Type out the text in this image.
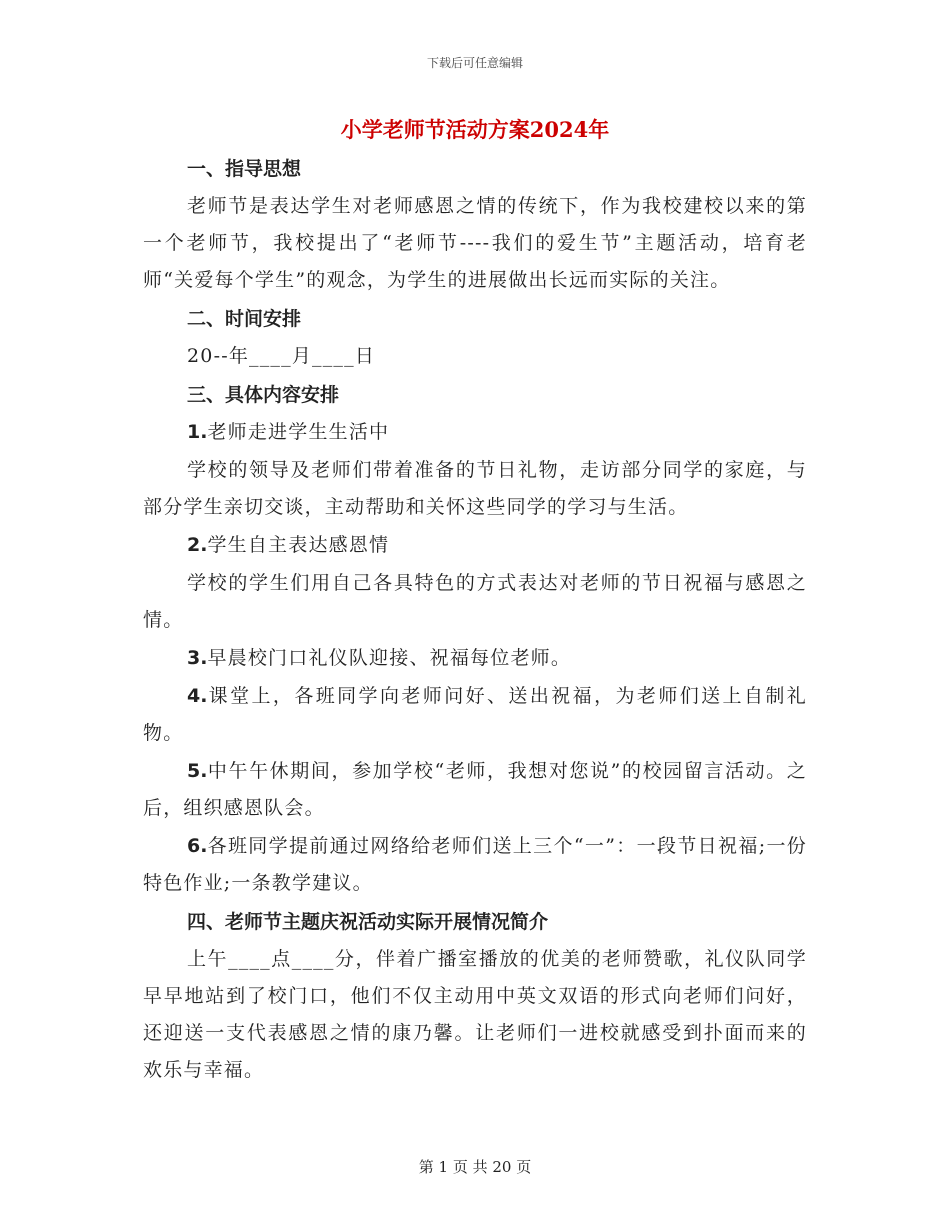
下载后可任意编辑
小学老师节活动方案2024年
一、指导思想

老师节是表达学生对老师感恩之情的传统下，作为我校建校以来的第一个老师节，我校提出了“老师节----我们的爱生节”主题活动，培育老师“关爱每个学生”的观念，为学生的进展做出长远而实际的关注。

二、时间安排

20--年____月____日

三、具体内容安排

1.老师走进学生生活中

学校的领导及老师们带着准备的节日礼物，走访部分同学的家庭，与部分学生亲切交谈，主动帮助和关怀这些同学的学习与生活。

2.学生自主表达感恩情

学校的学生们用自己各具特色的方式表达对老师的节日祝福与感恩之情。

3.早晨校门口礼仪队迎接、祝福每位老师。

4.课堂上，各班同学向老师问好、送出祝福，为老师们送上自制礼物。

5.中午午休期间，参加学校“老师，我想对您说”的校园留言活动。之后，组织感恩队会。

6.各班同学提前通过网络给老师们送上三个“一”：一段节日祝福;一份特色作业;一条教学建议。

四、老师节主题庆祝活动实际开展情况简介

上午____点____分，伴着广播室播放的优美的老师赞歌，礼仪队同学早早地站到了校门口，他们不仅主动用中英文双语的形式向老师们问好，还迎送一支代表感恩之情的康乃馨。让老师们一进校就感受到扑面而来的欢乐与幸福。

第 1 页 共 20 页
